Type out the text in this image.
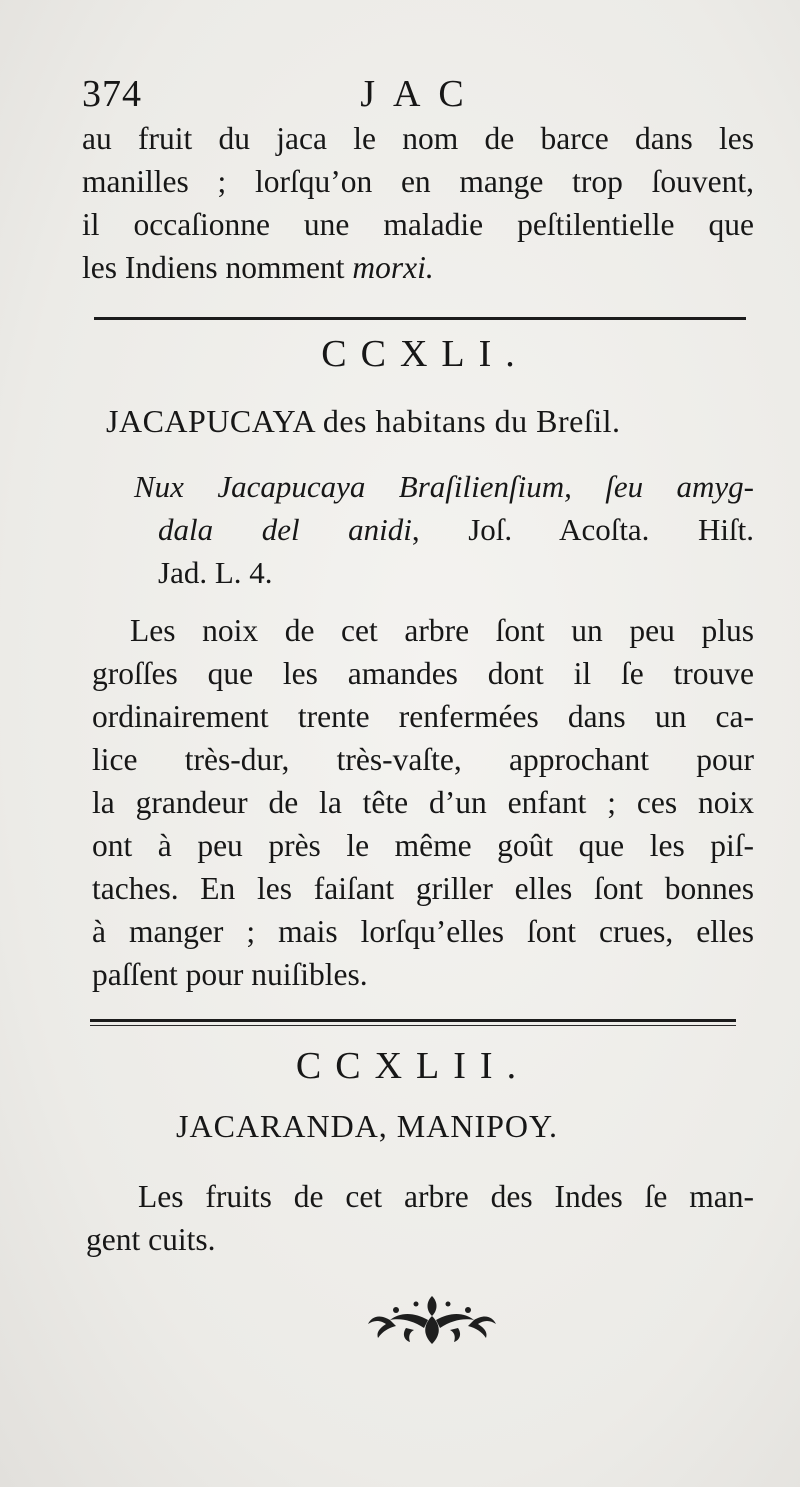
374	JAC
au fruit du jaca le nom de barce dans les
manilles ; lorſqu’on en mange trop ſouvent,
il occaſionne une maladie peſtilentielle que
les Indiens nomment morxi.
CCXLI.
JACAPUCAYA des habitans du Breſil.
Nux Jacapucaya Braſilienſium, ſeu amyg-
dala del anidi, Joſ. Acoſta. Hiſt.
Jad. L. 4.
Les noix de cet arbre ſont un peu plus
groſſes que les amandes dont il ſe trouve
ordinairement trente renfermées dans un ca-
lice très-dur, très-vaſte, approchant pour
la grandeur de la tête d’un enfant ; ces noix
ont à peu près le même goût que les piſ-
taches. En les faiſant griller elles ſont bonnes
à manger ; mais lorſqu’elles ſont crues, elles
paſſent pour nuiſibles.
CCXLII.
JACARANDA, MANIPOY.
Les fruits de cet arbre des Indes ſe man-
gent cuits.
